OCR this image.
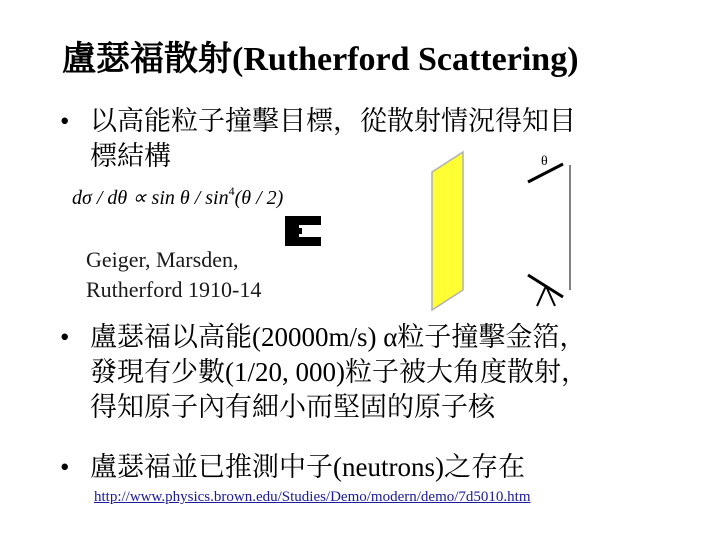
盧瑟福散射(Rutherford Scattering)
• 以高能粒子撞擊目標，從散射情況得知目
標結構
$d\sigma / d\theta \propto \sin \theta / \sin^4(\theta / 2)$
θ
Geiger, Marsden,
Rutherford 1910-14
• 盧瑟福以高能(20000m/s) α粒子撞擊金箔，
發現有少數(1/20, 000)粒子被大角度散射，
得知原子內有細小而堅固的原子核
• 盧瑟福並已推測中子(neutrons)之存在
http://www.physics.brown.edu/Studies/Demo/modern/demo/7d5010.htm
